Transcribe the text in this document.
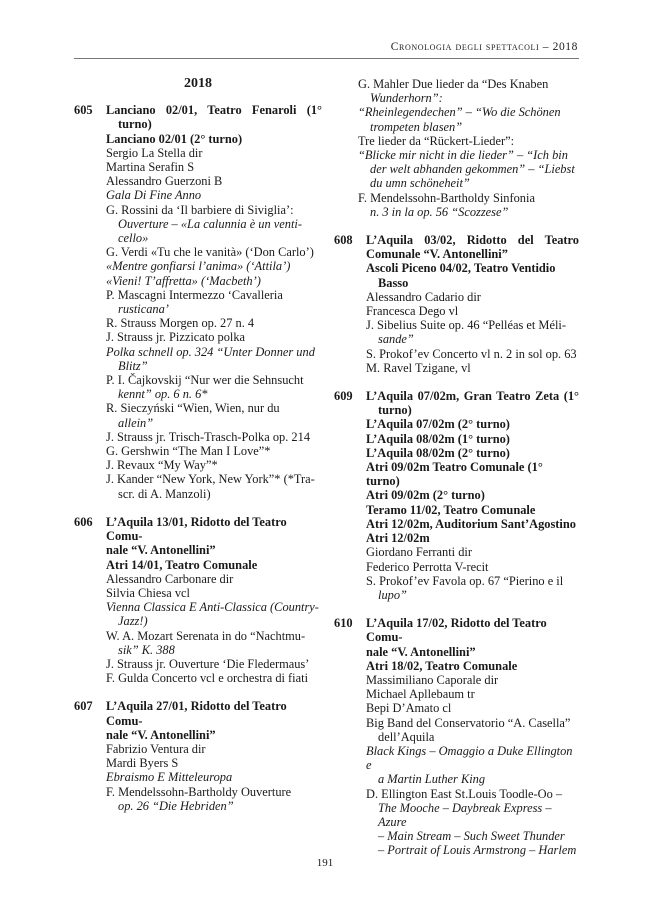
Cronologia degli spettacoli – 2018
2018
605 Lanciano 02/01, Teatro Fenaroli (1°
turno)
Lanciano 02/01 (2° turno)
Sergio La Stella dir
Martina Serafin S
Alessandro Guerzoni B
Gala Di Fine Anno
G. Rossini da ‘Il barbiere di Siviglia’:
Ouverture – «La calunnia è un venti-
cello»
G. Verdi «Tu che le vanità» (‘Don Carlo’)
«Mentre gonfiarsi l’anima» (‘Attila’)
«Vieni! T’affretta» (‘Macbeth’)
P. Mascagni Intermezzo ‘Cavalleria
rusticana’
R. Strauss Morgen op. 27 n. 4
J. Strauss jr. Pizzicato polka
Polka schnell op. 324 “Unter Donner und
Blitz”
P. I. Čajkovskij “Nur wer die Sehnsucht
kennt” op. 6 n. 6*
R. Sieczyński “Wien, Wien, nur du
allein”
J. Strauss jr. Trisch-Trasch-Polka op. 214
G. Gershwin “The Man I Love”*
J. Revaux “My Way”*
J. Kander “New York, New York”* (*Tra-
scr. di A. Manzoli)
606 L’Aquila 13/01, Ridotto del Teatro Comu-
nale “V. Antonellini”
Atri 14/01, Teatro Comunale
Alessandro Carbonare dir
Silvia Chiesa vcl
Vienna Classica E Anti-Classica (Country-
Jazz!)
W. A. Mozart Serenata in do “Nachtmu-
sik” K. 388
J. Strauss jr. Ouverture ‘Die Fledermaus’
F. Gulda Concerto vcl e orchestra di fiati
607 L’Aquila 27/01, Ridotto del Teatro Comu-
nale “V. Antonellini”
Fabrizio Ventura dir
Mardi Byers S
Ebraismo E Mitteleuropa
F. Mendelssohn-Bartholdy Ouverture
op. 26 “Die Hebriden”
G. Mahler Due lieder da “Des Knaben
Wunderhorn”:
“Rheinlegendechen” – “Wo die Schönen
trompeten blasen”
Tre lieder da “Rückert-Lieder”:
“Blicke mir nicht in die lieder” – “Ich bin
der welt abhanden gekommen” – “Liebst
du umn schöneheit”
F. Mendelssohn-Bartholdy Sinfonia
n. 3 in la op. 56 “Scozzese”
608 L’Aquila 03/02, Ridotto del Teatro
Comunale “V. Antonellini”
Ascoli Piceno 04/02, Teatro Ventidio
Basso
Alessandro Cadario dir
Francesca Dego vl
J. Sibelius Suite op. 46 “Pelléas et Méli-
sande”
S. Prokof’ev Concerto vl n. 2 in sol op. 63
M. Ravel Tzigane, vl
609 L’Aquila 07/02m, Gran Teatro Zeta (1°
turno)
L’Aquila 07/02m (2° turno)
L’Aquila 08/02m (1° turno)
L’Aquila 08/02m (2° turno)
Atri 09/02m Teatro Comunale (1° turno)
Atri 09/02m (2° turno)
Teramo 11/02, Teatro Comunale
Atri 12/02m, Auditorium Sant’Agostino
Atri 12/02m
Giordano Ferranti dir
Federico Perrotta V-recit
S. Prokof’ev Favola op. 67 “Pierino e il
lupo”
610 L’Aquila 17/02, Ridotto del Teatro Comu-
nale “V. Antonellini”
Atri 18/02, Teatro Comunale
Massimiliano Caporale dir
Michael Apllebaum tr
Bepi D’Amato cl
Big Band del Conservatorio “A. Casella”
dell’Aquila
Black Kings – Omaggio a Duke Ellington e
a Martin Luther King
D. Ellington East St.Louis Toodle-Oo –
The Mooche – Daybreak Express – Azure
– Main Stream – Such Sweet Thunder
– Portrait of Louis Armstrong – Harlem
191
